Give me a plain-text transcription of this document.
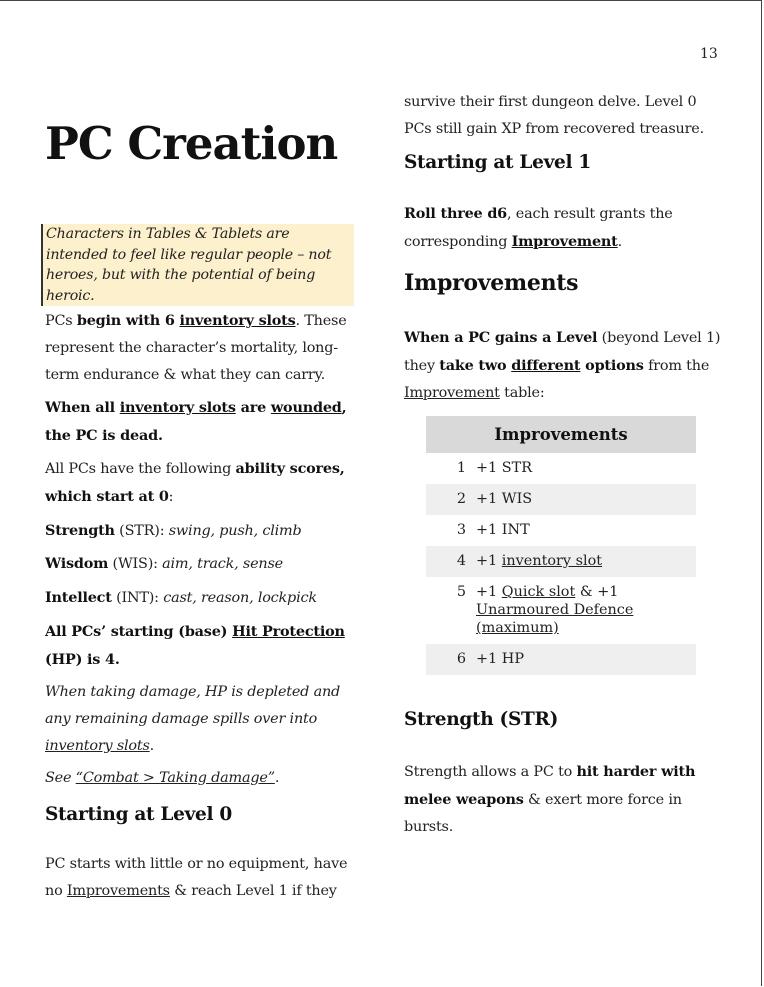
13
PC Creation
Characters in Tables & Tablets are intended to feel like regular people – not heroes, but with the potential of being heroic.

PCs begin with 6 inventory slots. These represent the character’s mortality, long-term endurance & what they can carry.

When all inventory slots are wounded, the PC is dead.

All PCs have the following ability scores, which start at 0:

Strength (STR): swing, push, climb

Wisdom (WIS): aim, track, sense

Intellect (INT): cast, reason, lockpick

All PCs’ starting (base) Hit Protection (HP) is 4.

When taking damage, HP is depleted and any remaining damage spills over into inventory slots.

See “Combat > Taking damage”.

Starting at Level 0

PC starts with little or no equipment, have no Improvements & reach Level 1 if they

survive their first dungeon delve. Level 0 PCs still gain XP from recovered treasure.

Starting at Level 1

Roll three d6, each result grants the corresponding Improvement.

Improvements

When a PC gains a Level (beyond Level 1) they take two different options from the Improvement table:

Improvements	
1	+1 STR
2	+1 WIS
3	+1 INT
4	+1 inventory slot
5	+1 Quick slot & +1 Unarmoured Defence (maximum)
6	+1 HP
Strength (STR)

Strength allows a PC to hit harder with melee weapons & exert more force in bursts.
